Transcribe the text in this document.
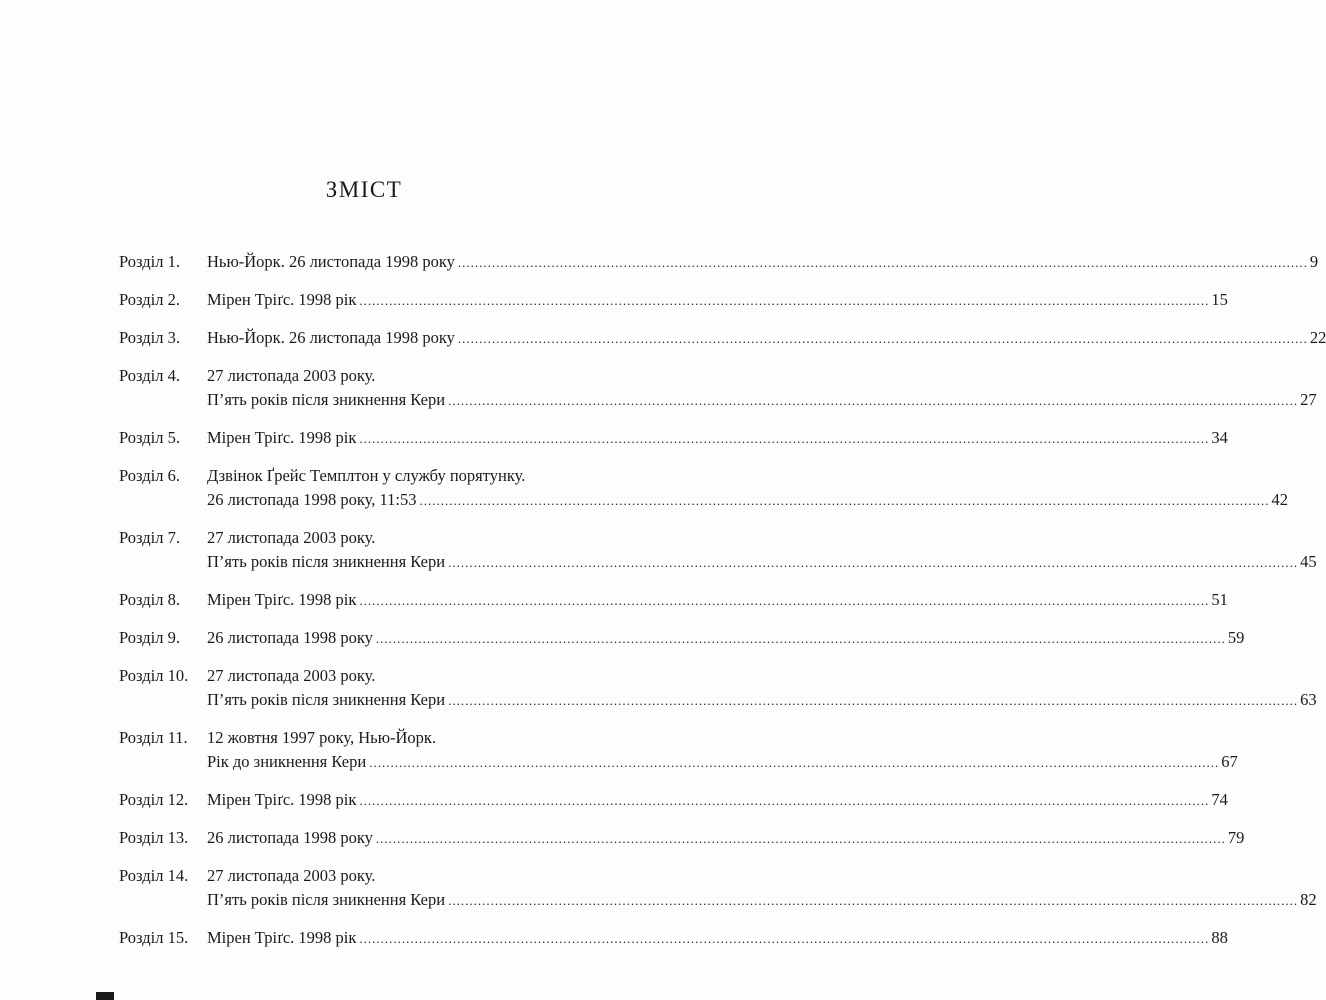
ЗМІСТ
Розділ 1.	Нью-Йорк. 26 листопада 1998 року ........................................................................................................................................................................................................ 9
Розділ 2.	Мірен Тріґс. 1998 рік ........................................................................................................................................................................................................ 15
Розділ 3.	Нью-Йорк. 26 листопада 1998 року ........................................................................................................................................................................................................ 22
Розділ 4.	27 листопада 2003 року.
П’ять років після зникнення Кери ........................................................................................................................................................................................................ 27
Розділ 5.	Мірен Тріґс. 1998 рік ........................................................................................................................................................................................................ 34
Розділ 6.	Дзвінок Ґрейс Темплтон у службу порятунку.
26 листопада 1998 року, 11:53 ........................................................................................................................................................................................................ 42
Розділ 7.	27 листопада 2003 року.
П’ять років після зникнення Кери ........................................................................................................................................................................................................ 45
Розділ 8.	Мірен Тріґс. 1998 рік ........................................................................................................................................................................................................ 51
Розділ 9.	26 листопада 1998 року ........................................................................................................................................................................................................ 59
Розділ 10.	27 листопада 2003 року.
П’ять років після зникнення Кери ........................................................................................................................................................................................................ 63
Розділ 11.	12 жовтня 1997 року, Нью-Йорк.
Рік до зникнення Кери ........................................................................................................................................................................................................ 67
Розділ 12.	Мірен Тріґс. 1998 рік ........................................................................................................................................................................................................ 74
Розділ 13.	26 листопада 1998 року ........................................................................................................................................................................................................ 79
Розділ 14.	27 листопада 2003 року.
П’ять років після зникнення Кери ........................................................................................................................................................................................................ 82
Розділ 15.	Мірен Тріґс. 1998 рік ........................................................................................................................................................................................................ 88
